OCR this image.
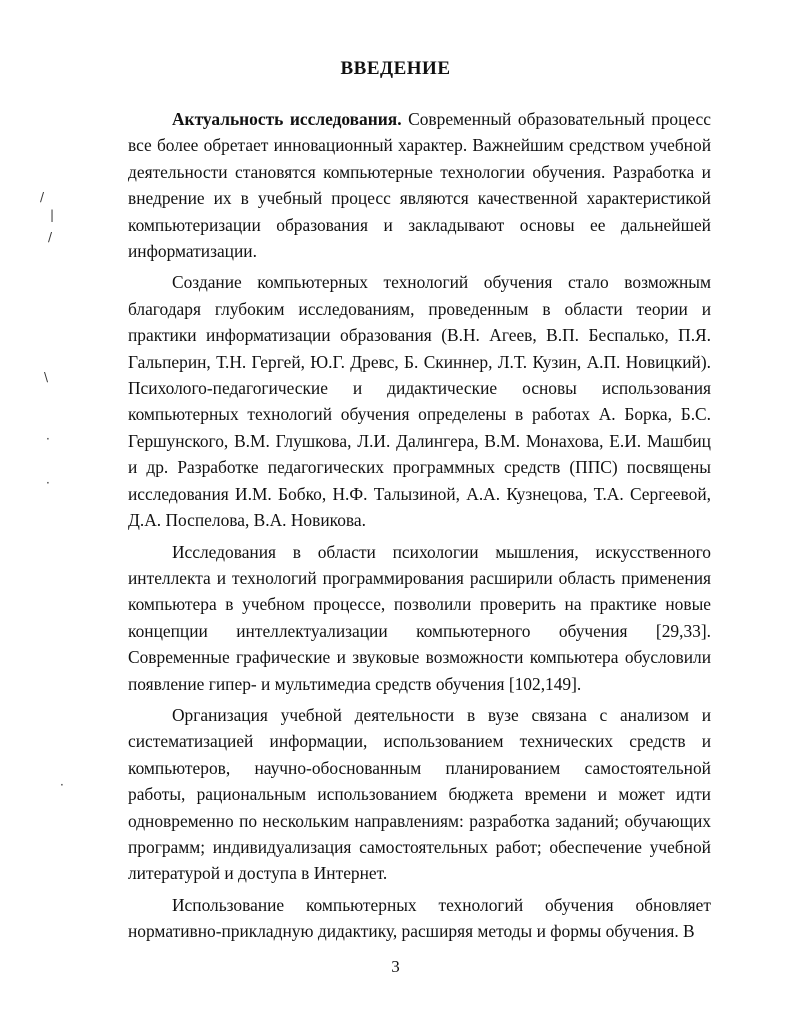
ВВЕДЕНИЕ

Актуальность исследования. Современный образовательный процесс все более обретает инновационный характер. Важнейшим средством учебной деятельности становятся компьютерные технологии обучения. Разработка и внедрение их в учебный процесс являются качественной характеристикой компьютеризации образования и закладывают основы ее дальнейшей информатизации.

Создание компьютерных технологий обучения стало возможным благодаря глубоким исследованиям, проведенным в области теории и практики информатизации образования (В.Н. Агеев, В.П. Беспалько, П.Я. Гальперин, Т.Н. Гергей, Ю.Г. Древс, Б. Скиннер, Л.Т. Кузин, А.П. Новицкий). Психолого-педагогические и дидактические основы использования компьютерных технологий обучения определены в работах А. Борка, Б.С. Гершунского, В.М. Глушкова, Л.И. Далингера, В.М. Монахова, Е.И. Машбиц и др. Разработке педагогических программных средств (ППС) посвящены исследования И.М. Бобко, Н.Ф. Талызиной, А.А. Кузнецова, Т.А. Сергеевой, Д.А. Поспелова, В.А. Новикова.

Исследования в области психологии мышления, искусственного интеллекта и технологий программирования расширили область применения компьютера в учебном процессе, позволили проверить на практике новые концепции интеллектуализации компьютерного обучения [29,33]. Современные графические и звуковые возможности компьютера обусловили появление гипер- и мультимедиа средств обучения [102,149].

Организация учебной деятельности в вузе связана с анализом и систематизацией информации, использованием технических средств и компьютеров, научно-обоснованным планированием самостоятельной работы, рациональным использованием бюджета времени и может идти одновременно по нескольким направлениям: разработка заданий; обучающих программ; индивидуализация самостоятельных работ; обеспечение учебной литературой и доступа в Интернет.

Использование компьютерных технологий обучения обновляет нормативно-прикладную дидактику, расширяя методы и формы обучения. В

3
/
|
/
\
·
·
·
